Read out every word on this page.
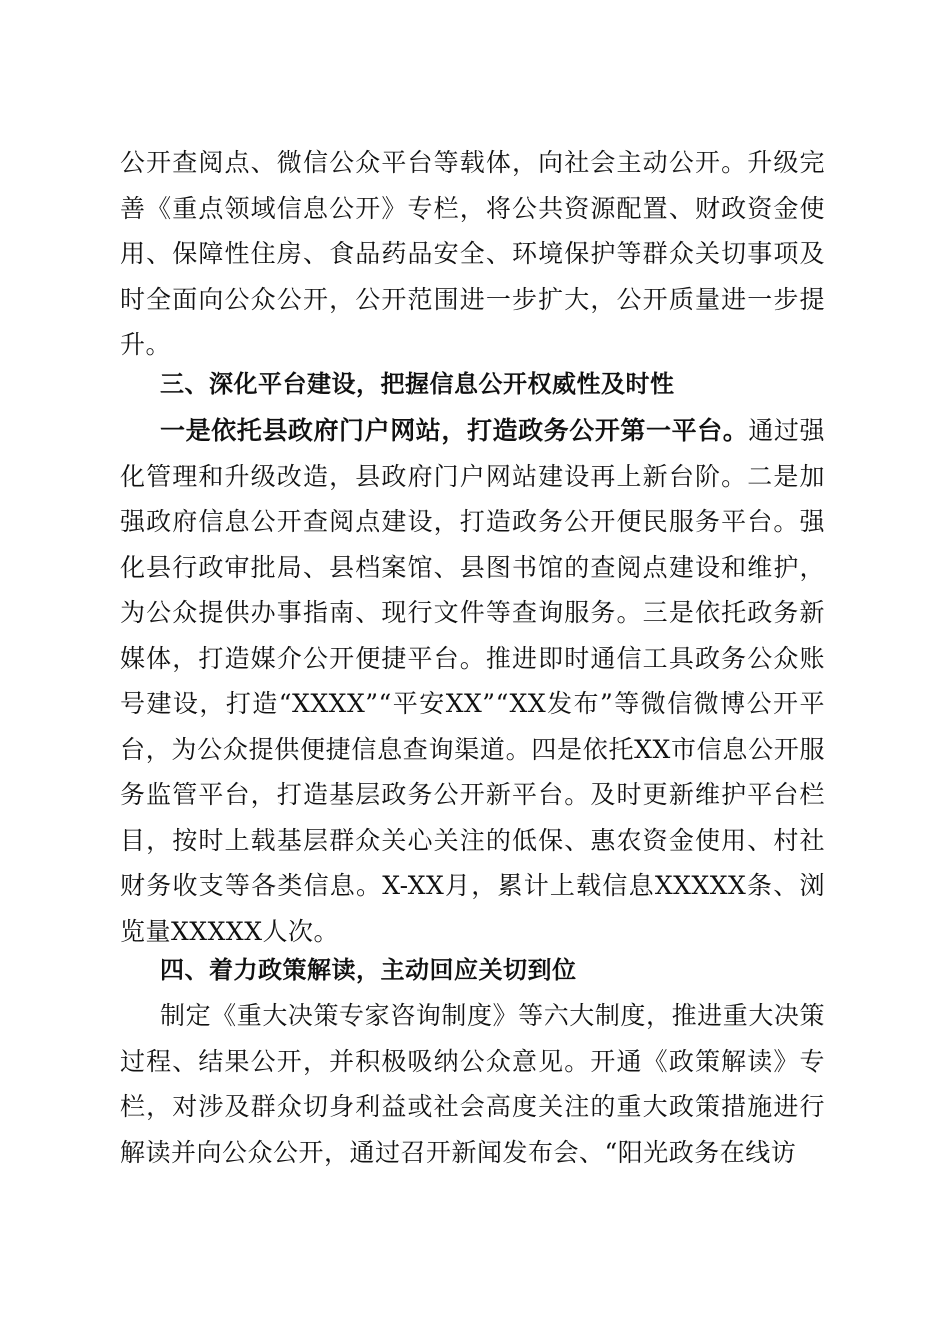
公开查阅点、微信公众平台等载体，向社会主动公开。升级完善《重点领域信息公开》专栏，将公共资源配置、财政资金使用、保障性住房、食品药品安全、环境保护等群众关切事项及时全面向公众公开，公开范围进一步扩大，公开质量进一步提升。

三、深化平台建设，把握信息公开权威性及时性

一是依托县政府门户网站，打造政务公开第一平台。通过强化管理和升级改造，县政府门户网站建设再上新台阶。二是加强政府信息公开查阅点建设，打造政务公开便民服务平台。强化县行政审批局、县档案馆、县图书馆的查阅点建设和维护，为公众提供办事指南、现行文件等查询服务。三是依托政务新媒体，打造媒介公开便捷平台。推进即时通信工具政务公众账号建设，打造“XXXX”“平安XX”“XX发布”等微信微博公开平台，为公众提供便捷信息查询渠道。四是依托XX市信息公开服务监管平台，打造基层政务公开新平台。及时更新维护平台栏目，按时上载基层群众关心关注的低保、惠农资金使用、村社财务收支等各类信息。X-XX月，累计上载信息XXXXX条、浏览量XXXXX人次。

四、着力政策解读，主动回应关切到位

制定《重大决策专家咨询制度》等六大制度，推进重大决策过程、结果公开，并积极吸纳公众意见。开通《政策解读》专栏，对涉及群众切身利益或社会高度关注的重大政策措施进行解读并向公众公开，通过召开新闻发布会、“阳光政务在线访
